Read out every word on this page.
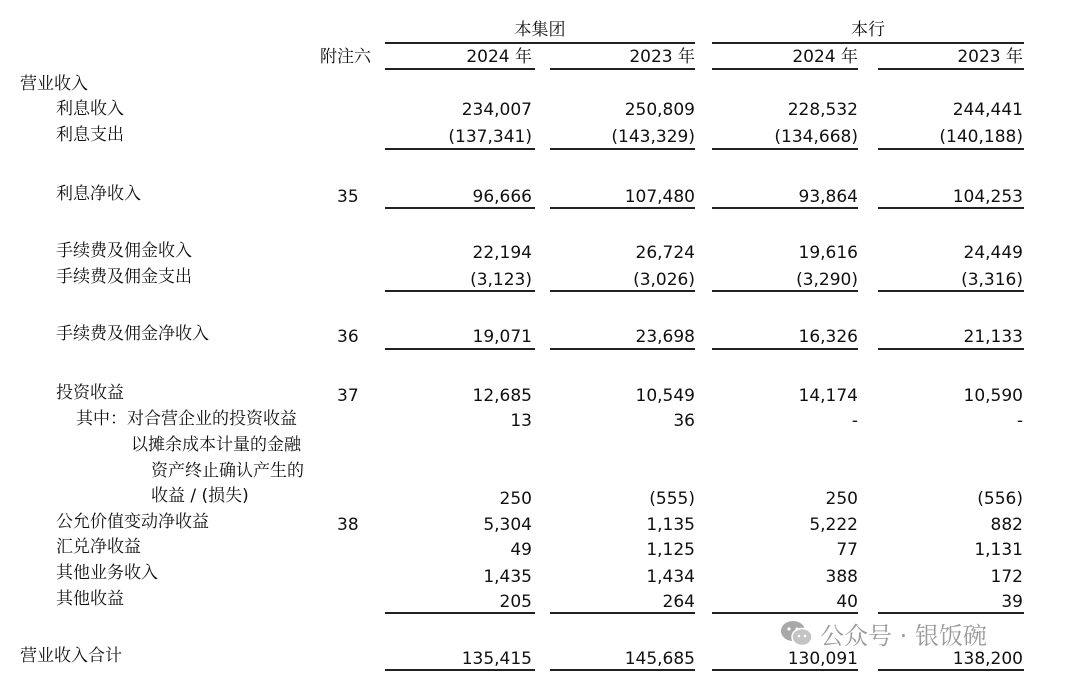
本集团	本行
附注六	2024 年	2023 年	2024 年	2023 年
营业收入
利息收入	234,007	250,809	228,532	244,441
利息支出	(137,341)	(143,329)	(134,668)	(140,188)
利息净收入	35	96,666	107,480	93,864	104,253
手续费及佣金收入	22,194	26,724	19,616	24,449
手续费及佣金支出	(3,123)	(3,026)	(3,290)	(3,316)
手续费及佣金净收入	36	19,071	23,698	16,326	21,133
投资收益	37	12,685	10,549	14,174	10,590
其中：对合营企业的投资收益	13	36	-	-
以摊余成本计量的金融
资产终止确认产生的
收益 / (损失)	250	(555)	250	(556)
公允价值变动净收益	38	5,304	1,135	5,222	882
汇兑净收益	49	1,125	77	1,131
其他业务收入	1,435	1,434	388	172
其他收益	205	264	40	39
公众号 · 银饭碗
营业收入合计	135,415	145,685	130,091	138,200
